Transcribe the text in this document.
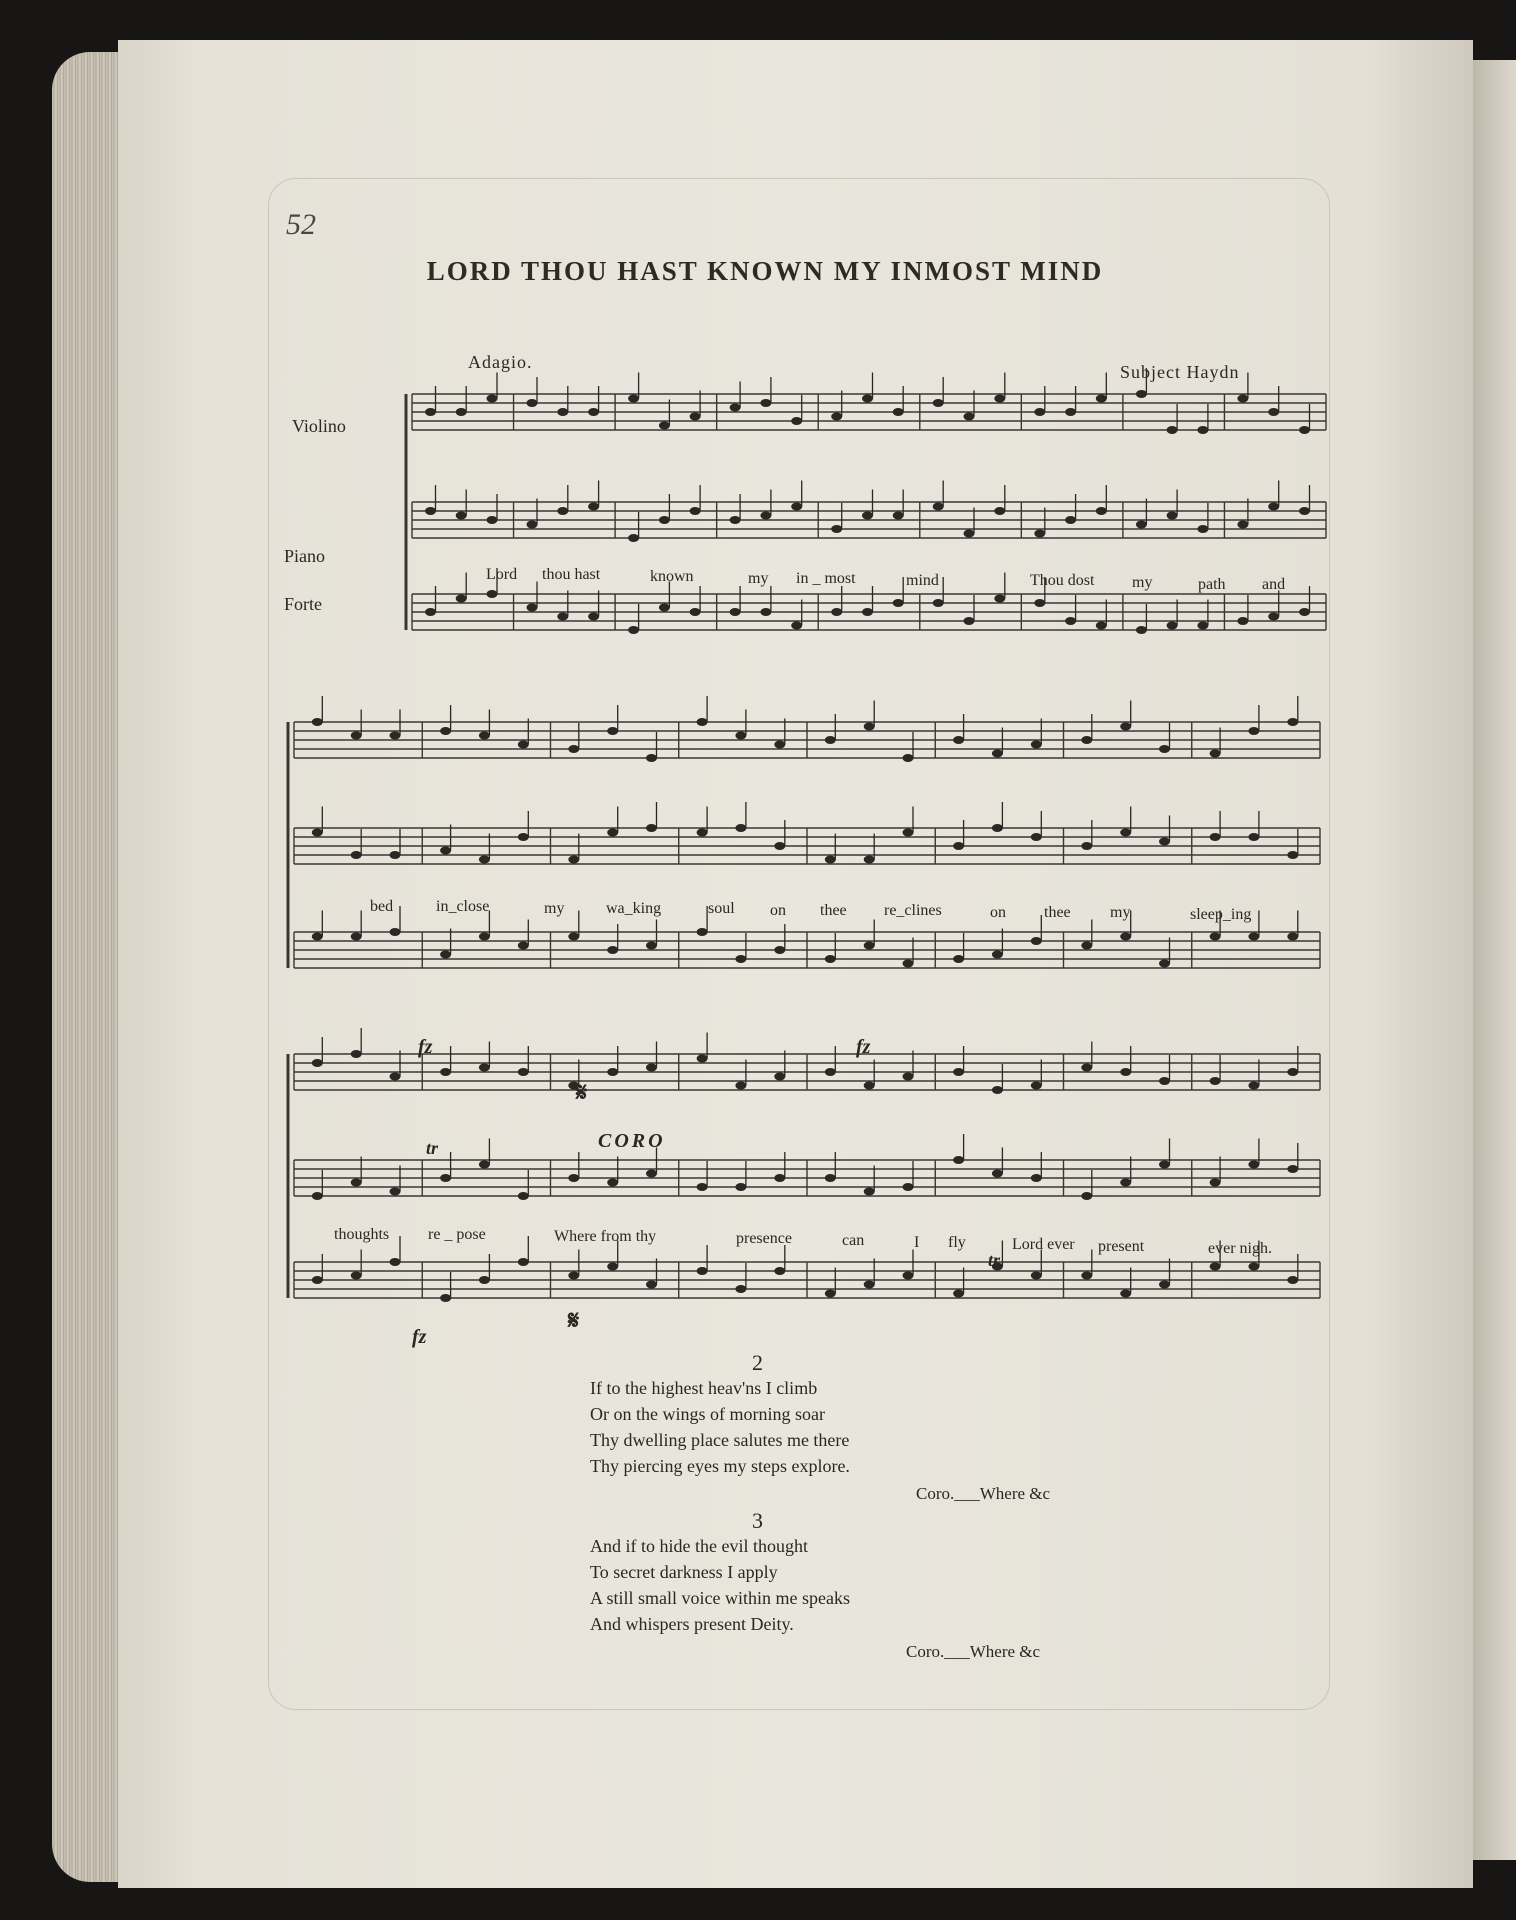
52
LORD THOU HAST KNOWN MY INMOST MIND
Adagio.	Subject Haydn
Violino
Piano
Forte
Lord thou hast	known	my in _ most	mind	Thou dost my	path and
bed	in_close	my	wa_king	soul on thee re_clines	on thee my	sleep_ing
thoughts re _ pose	Where from thy	presence	can	I fly	Lord ever present	ever nigh.
fz	fz
fz
tr
tr
𝄋
𝄋
CORO
2
If to the highest heav'ns I climb
Or on the wings of morning soar
Thy dwelling place salutes me there
Thy piercing eyes my steps explore.
Coro.___Where &c
3
And if to hide the evil thought
To secret darkness I apply
A still small voice within me speaks
And whispers present Deity.
Coro.___Where &c
